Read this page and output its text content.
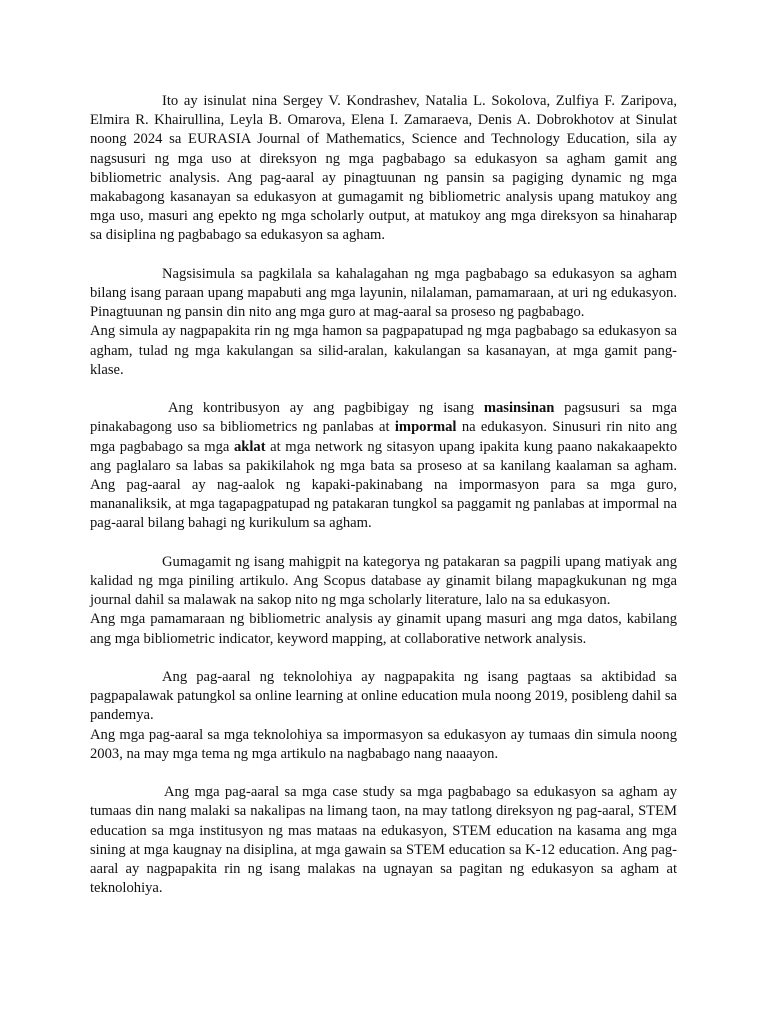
Ito ay isinulat nina Sergey V. Kondrashev, Natalia L. Sokolova, Zulfiya F. Zaripova, Elmira R. Khairullina, Leyla B. Omarova, Elena I. Zamaraeva, Denis A. Dobrokhotov at Sinulat noong 2024 sa EURASIA Journal of Mathematics, Science and Technology Education, sila ay nagsusuri ng mga uso at direksyon ng mga pagbabago sa edukasyon sa agham gamit ang bibliometric analysis. Ang pag-aaral ay pinagtuunan ng pansin sa pagiging dynamic ng mga makabagong kasanayan sa edukasyon at gumagamit ng bibliometric analysis upang matukoy ang mga uso, masuri ang epekto ng mga scholarly output, at matukoy ang mga direksyon sa hinaharap sa disiplina ng pagbabago sa edukasyon sa agham.

Nagsisimula sa pagkilala sa kahalagahan ng mga pagbabago sa edukasyon sa agham bilang isang paraan upang mapabuti ang mga layunin, nilalaman, pamamaraan, at uri ng edukasyon. Pinagtuunan ng pansin din nito ang mga guro at mag-aaral sa proseso ng pagbabago.

Ang simula ay nagpapakita rin ng mga hamon sa pagpapatupad ng mga pagbabago sa edukasyon sa agham, tulad ng mga kakulangan sa silid-aralan, kakulangan sa kasanayan, at mga gamit pang-klase.

Ang kontribusyon ay ang pagbibigay ng isang masinsinan pagsusuri sa mga pinakabagong uso sa bibliometrics ng panlabas at impormal na edukasyon. Sinusuri rin nito ang mga pagbabago sa mga aklat at mga network ng sitasyon upang ipakita kung paano nakakaapekto ang paglalaro sa labas sa pakikilahok ng mga bata sa proseso at sa kanilang kaalaman sa agham. Ang pag-aaral ay nag-aalok ng kapaki-pakinabang na impormasyon para sa mga guro, mananaliksik, at mga tagapagpatupad ng patakaran tungkol sa paggamit ng panlabas at impormal na pag-aaral bilang bahagi ng kurikulum sa agham.

Gumagamit ng isang mahigpit na kategorya ng patakaran sa pagpili upang matiyak ang kalidad ng mga piniling artikulo. Ang Scopus database ay ginamit bilang mapagkukunan ng mga journal dahil sa malawak na sakop nito ng mga scholarly literature, lalo na sa edukasyon.

Ang mga pamamaraan ng bibliometric analysis ay ginamit upang masuri ang mga datos, kabilang ang mga bibliometric indicator, keyword mapping, at collaborative network analysis.

Ang pag-aaral ng teknolohiya ay nagpapakita ng isang pagtaas sa aktibidad sa pagpapalawak patungkol sa online learning at online education mula noong 2019, posibleng dahil sa pandemya.

Ang mga pag-aaral sa mga teknolohiya sa impormasyon sa edukasyon ay tumaas din simula noong 2003, na may mga tema ng mga artikulo na nagbabago nang naaayon.

Ang mga pag-aaral sa mga case study sa mga pagbabago sa edukasyon sa agham ay tumaas din nang malaki sa nakalipas na limang taon, na may tatlong direksyon ng pag-aaral, STEM education sa mga institusyon ng mas mataas na edukasyon, STEM education na kasama ang mga sining at mga kaugnay na disiplina, at mga gawain sa STEM education sa K-12 education. Ang pag-aaral ay nagpapakita rin ng isang malakas na ugnayan sa pagitan ng edukasyon sa agham at teknolohiya.
